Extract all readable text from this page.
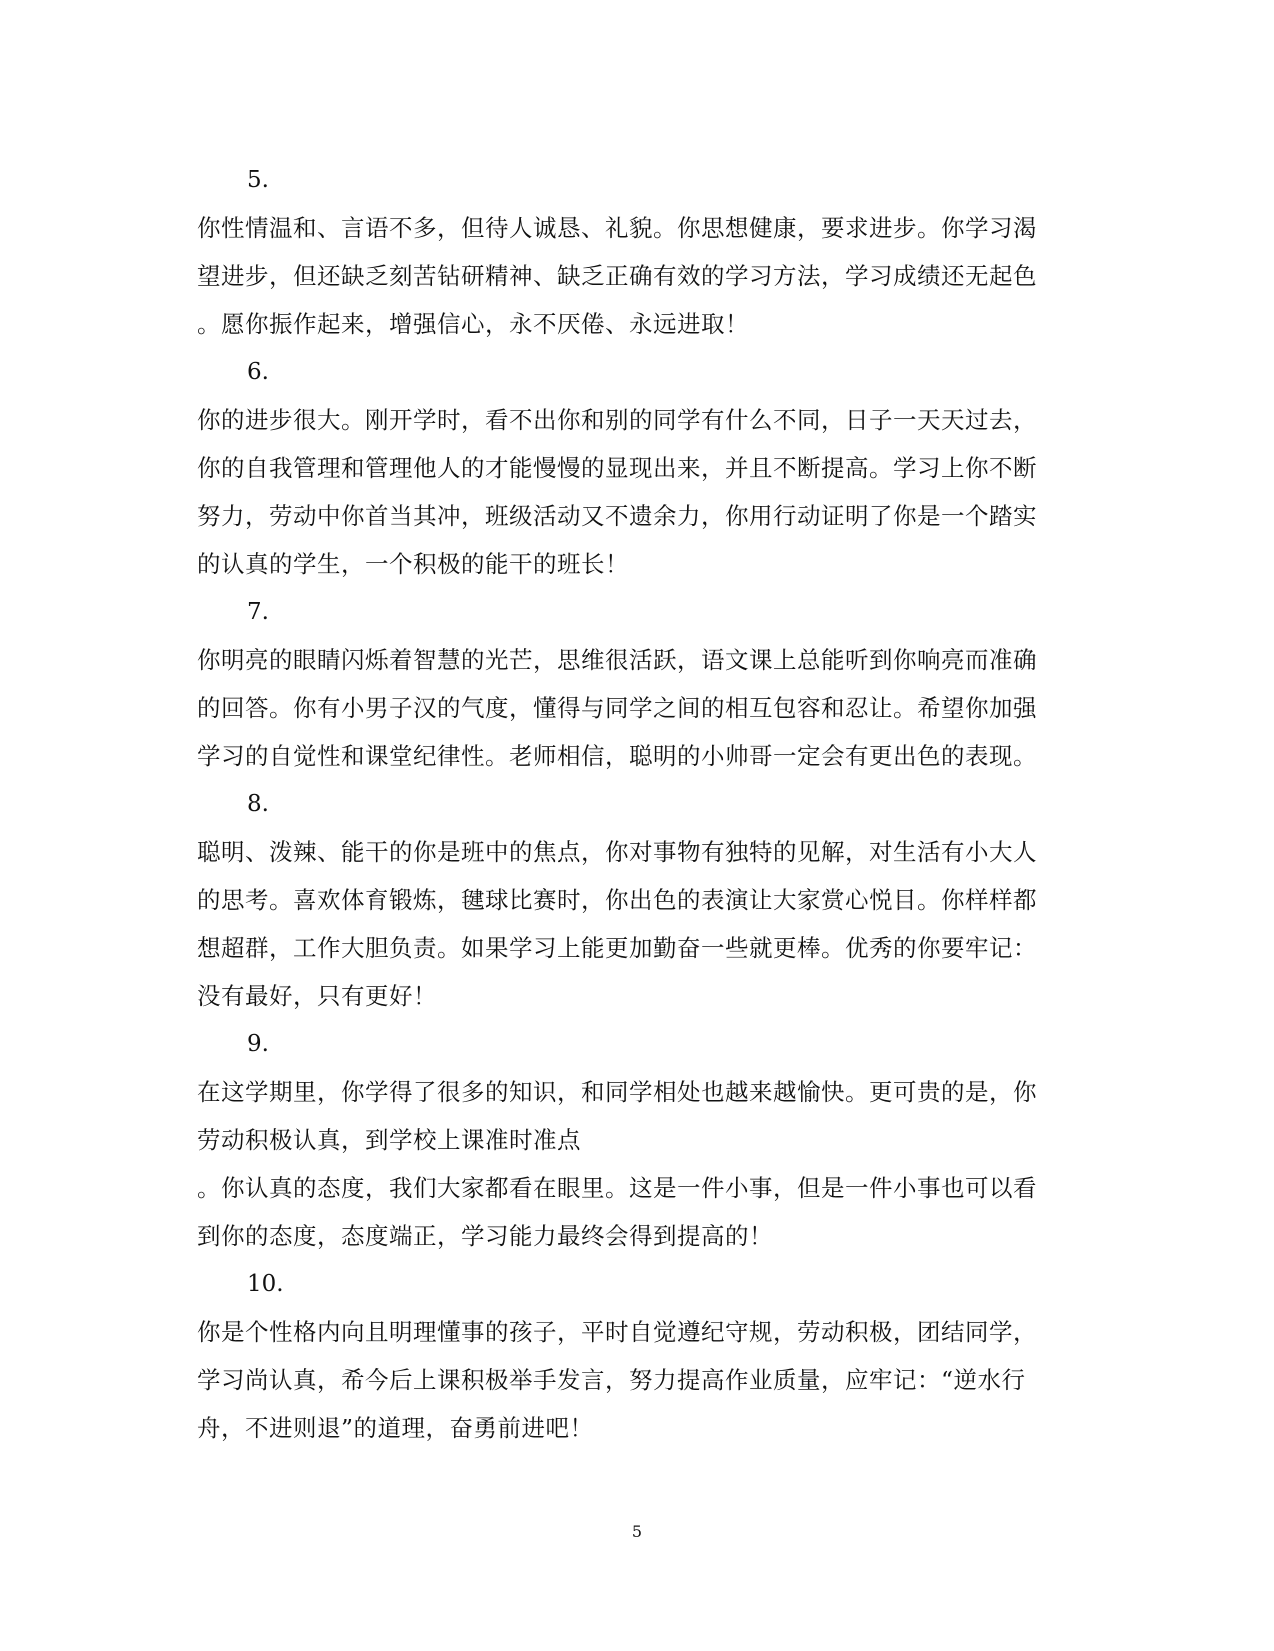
5.
你性情温和、言语不多，但待人诚恳、礼貌。你思想健康，要求进步。你学习渴
望进步，但还缺乏刻苦钻研精神、缺乏正确有效的学习方法，学习成绩还无起色
。愿你振作起来，增强信心，永不厌倦、永远进取！
6.
你的进步很大。刚开学时，看不出你和别的同学有什么不同，日子一天天过去，
你的自我管理和管理他人的才能慢慢的显现出来，并且不断提高。学习上你不断
努力，劳动中你首当其冲，班级活动又不遗余力，你用行动证明了你是一个踏实
的认真的学生，一个积极的能干的班长！
7.
你明亮的眼睛闪烁着智慧的光芒，思维很活跃，语文课上总能听到你响亮而准确
的回答。你有小男子汉的气度，懂得与同学之间的相互包容和忍让。希望你加强
学习的自觉性和课堂纪律性。老师相信，聪明的小帅哥一定会有更出色的表现。
8.
聪明、泼辣、能干的你是班中的焦点，你对事物有独特的见解，对生活有小大人
的思考。喜欢体育锻炼，毽球比赛时，你出色的表演让大家赏心悦目。你样样都
想超群，工作大胆负责。如果学习上能更加勤奋一些就更棒。优秀的你要牢记：
没有最好，只有更好！
9.
在这学期里，你学得了很多的知识，和同学相处也越来越愉快。更可贵的是，你
劳动积极认真，到学校上课准时准点
。你认真的态度，我们大家都看在眼里。这是一件小事，但是一件小事也可以看
到你的态度，态度端正，学习能力最终会得到提高的！
10.
你是个性格内向且明理懂事的孩子，平时自觉遵纪守规，劳动积极，团结同学，
学习尚认真，希今后上课积极举手发言，努力提高作业质量，应牢记：“逆水行
舟，不进则退”的道理，奋勇前进吧！
5
